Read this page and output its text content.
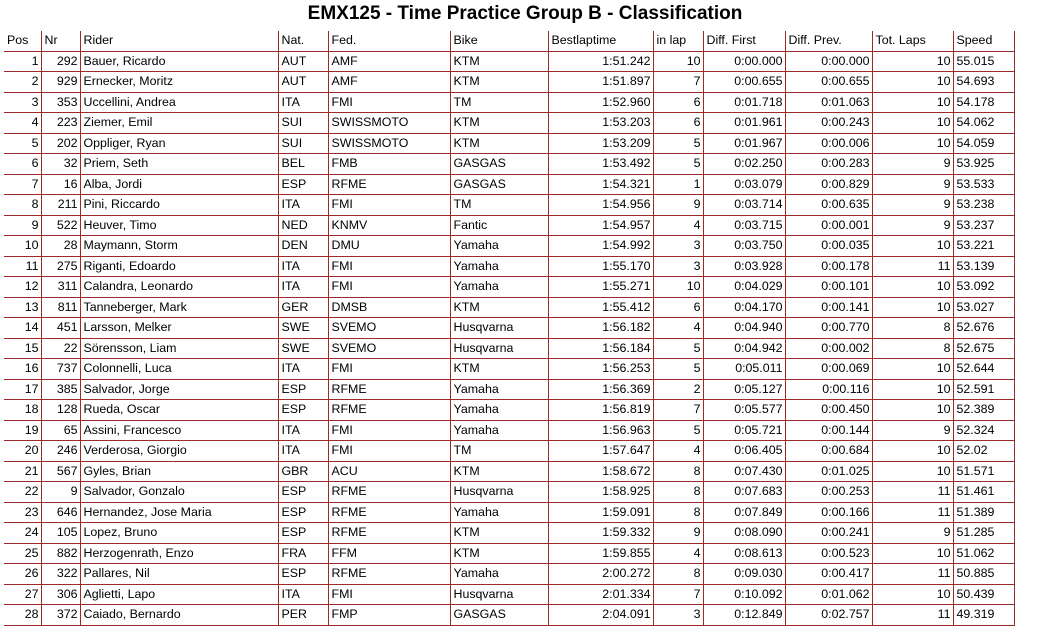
EMX125 - Time Practice Group B - Classification
Pos	Nr	Rider	Nat.	Fed.	Bike	Bestlaptime	in lap	Diff. First	Diff. Prev.	Tot. Laps	Speed
1	292	Bauer, Ricardo	AUT	AMF	KTM	1:51.242	10	0:00.000	0:00.000	10	55.015
2	929	Ernecker, Moritz	AUT	AMF	KTM	1:51.897	7	0:00.655	0:00.655	10	54.693
3	353	Uccellini, Andrea	ITA	FMI	TM	1:52.960	6	0:01.718	0:01.063	10	54.178
4	223	Ziemer, Emil	SUI	SWISSMOTO	KTM	1:53.203	6	0:01.961	0:00.243	10	54.062
5	202	Oppliger, Ryan	SUI	SWISSMOTO	KTM	1:53.209	5	0:01.967	0:00.006	10	54.059
6	32	Priem, Seth	BEL	FMB	GASGAS	1:53.492	5	0:02.250	0:00.283	9	53.925
7	16	Alba, Jordi	ESP	RFME	GASGAS	1:54.321	1	0:03.079	0:00.829	9	53.533
8	211	Pini, Riccardo	ITA	FMI	TM	1:54.956	9	0:03.714	0:00.635	9	53.238
9	522	Heuver, Timo	NED	KNMV	Fantic	1:54.957	4	0:03.715	0:00.001	9	53.237
10	28	Maymann, Storm	DEN	DMU	Yamaha	1:54.992	3	0:03.750	0:00.035	10	53.221
11	275	Riganti, Edoardo	ITA	FMI	Yamaha	1:55.170	3	0:03.928	0:00.178	11	53.139
12	311	Calandra, Leonardo	ITA	FMI	Yamaha	1:55.271	10	0:04.029	0:00.101	10	53.092
13	811	Tanneberger, Mark	GER	DMSB	KTM	1:55.412	6	0:04.170	0:00.141	10	53.027
14	451	Larsson, Melker	SWE	SVEMO	Husqvarna	1:56.182	4	0:04.940	0:00.770	8	52.676
15	22	Sörensson, Liam	SWE	SVEMO	Husqvarna	1:56.184	5	0:04.942	0:00.002	8	52.675
16	737	Colonnelli, Luca	ITA	FMI	KTM	1:56.253	5	0:05.011	0:00.069	10	52.644
17	385	Salvador, Jorge	ESP	RFME	Yamaha	1:56.369	2	0:05.127	0:00.116	10	52.591
18	128	Rueda, Oscar	ESP	RFME	Yamaha	1:56.819	7	0:05.577	0:00.450	10	52.389
19	65	Assini, Francesco	ITA	FMI	Yamaha	1:56.963	5	0:05.721	0:00.144	9	52.324
20	246	Verderosa, Giorgio	ITA	FMI	TM	1:57.647	4	0:06.405	0:00.684	10	52.02
21	567	Gyles, Brian	GBR	ACU	KTM	1:58.672	8	0:07.430	0:01.025	10	51.571
22	9	Salvador, Gonzalo	ESP	RFME	Husqvarna	1:58.925	8	0:07.683	0:00.253	11	51.461
23	646	Hernandez, Jose Maria	ESP	RFME	Yamaha	1:59.091	8	0:07.849	0:00.166	11	51.389
24	105	Lopez, Bruno	ESP	RFME	KTM	1:59.332	9	0:08.090	0:00.241	9	51.285
25	882	Herzogenrath, Enzo	FRA	FFM	KTM	1:59.855	4	0:08.613	0:00.523	10	51.062
26	322	Pallares, Nil	ESP	RFME	Yamaha	2:00.272	8	0:09.030	0:00.417	11	50.885
27	306	Aglietti, Lapo	ITA	FMI	Husqvarna	2:01.334	7	0:10.092	0:01.062	10	50.439
28	372	Caiado, Bernardo	PER	FMP	GASGAS	2:04.091	3	0:12.849	0:02.757	11	49.319
